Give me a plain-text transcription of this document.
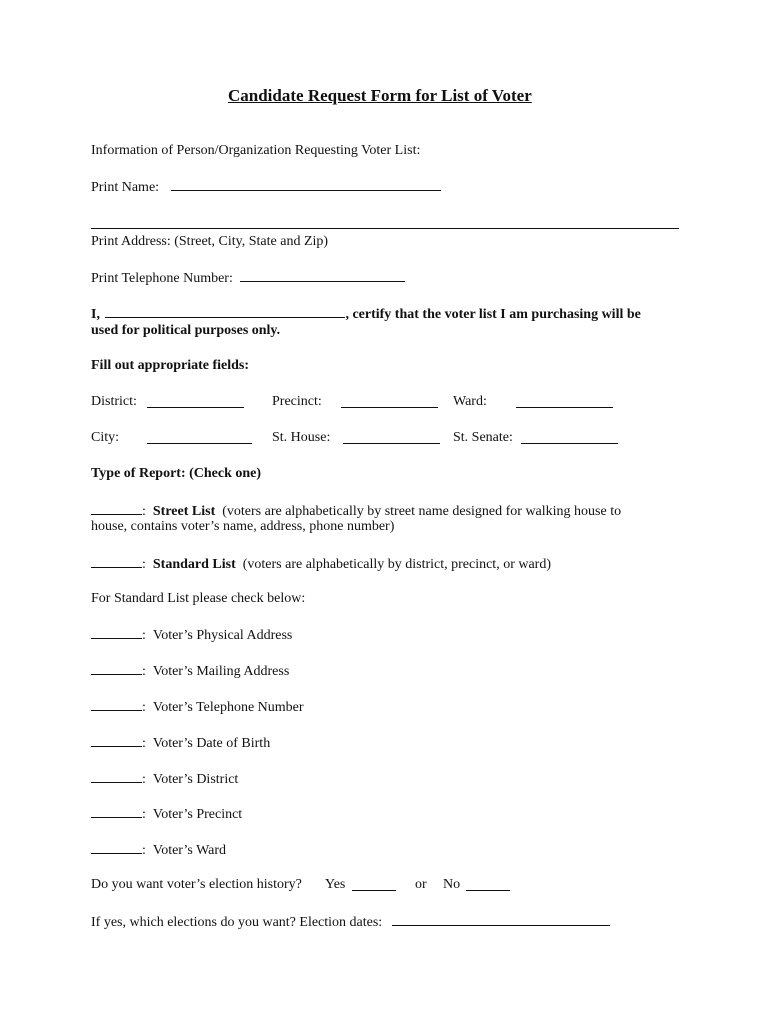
Candidate Request Form for List of Voter
Information of Person/Organization Requesting Voter List:
Print Name:
Print Address: (Street, City, State and Zip)
Print Telephone Number:
I,	, certify that the voter list I am purchasing will be
used for political purposes only.
Fill out appropriate fields:
District:	Precinct:	Ward:
City:	St. House:	St. Senate:
Type of Report: (Check one)
:  Street List (voters are alphabetically by street name designed for walking house to
house, contains voter’s name, address, phone number)
:  Standard List (voters are alphabetically by district, precinct, or ward)
For Standard List please check below:
:  Voter’s Physical Address
:  Voter’s Mailing Address
:  Voter’s Telephone Number
:  Voter’s Date of Birth
:  Voter’s District
:  Voter’s Precinct
:  Voter’s Ward
Do you want voter’s election history? Yes	or No
If yes, which elections do you want? Election dates:
